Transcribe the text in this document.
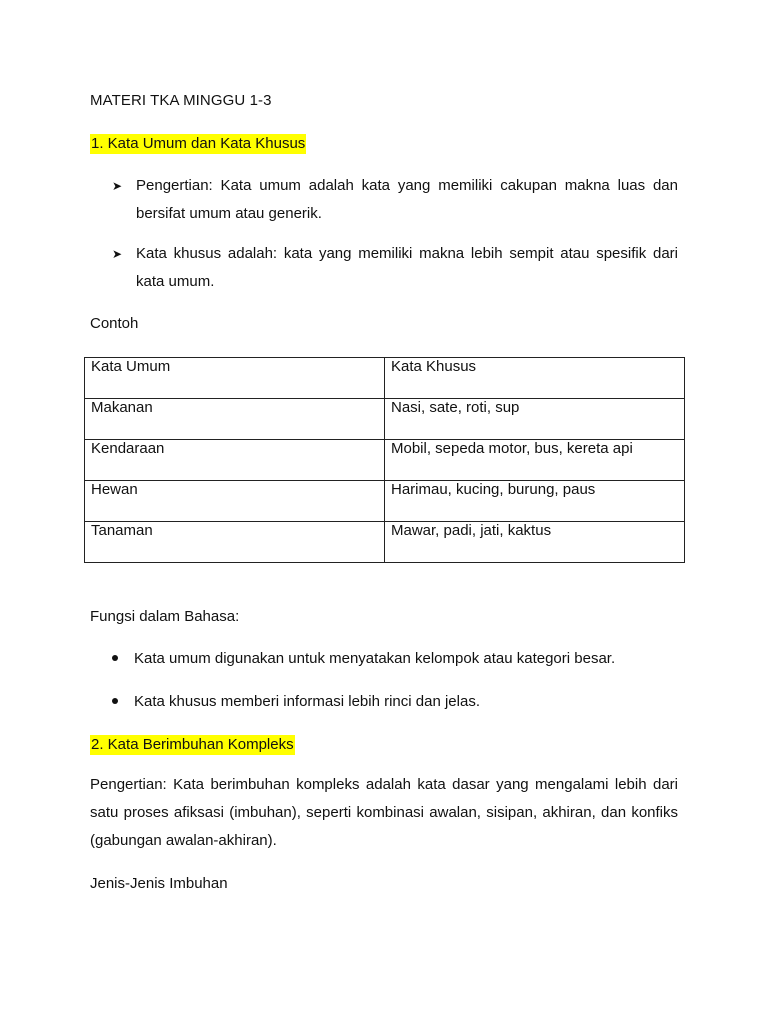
MATERI TKA MINGGU 1-3
1. Kata Umum dan Kata Khusus
➤ Pengertian: Kata umum adalah kata yang memiliki cakupan makna luas dan bersifat umum atau generik.
➤ Kata khusus adalah: kata yang memiliki makna lebih sempit atau spesifik dari kata umum.
Contoh
Kata Umum	Kata Khusus
Makanan	Nasi, sate, roti, sup
Kendaraan	Mobil, sepeda motor, bus, kereta api
Hewan	Harimau, kucing, burung, paus
Tanaman	Mawar, padi, jati, kaktus
Fungsi dalam Bahasa:
Kata umum digunakan untuk menyatakan kelompok atau kategori besar.
Kata khusus memberi informasi lebih rinci dan jelas.
2. Kata Berimbuhan Kompleks
Pengertian: Kata berimbuhan kompleks adalah kata dasar yang mengalami lebih dari satu proses afiksasi (imbuhan), seperti kombinasi awalan, sisipan, akhiran, dan konfiks (gabungan awalan-akhiran).
Jenis-Jenis Imbuhan
